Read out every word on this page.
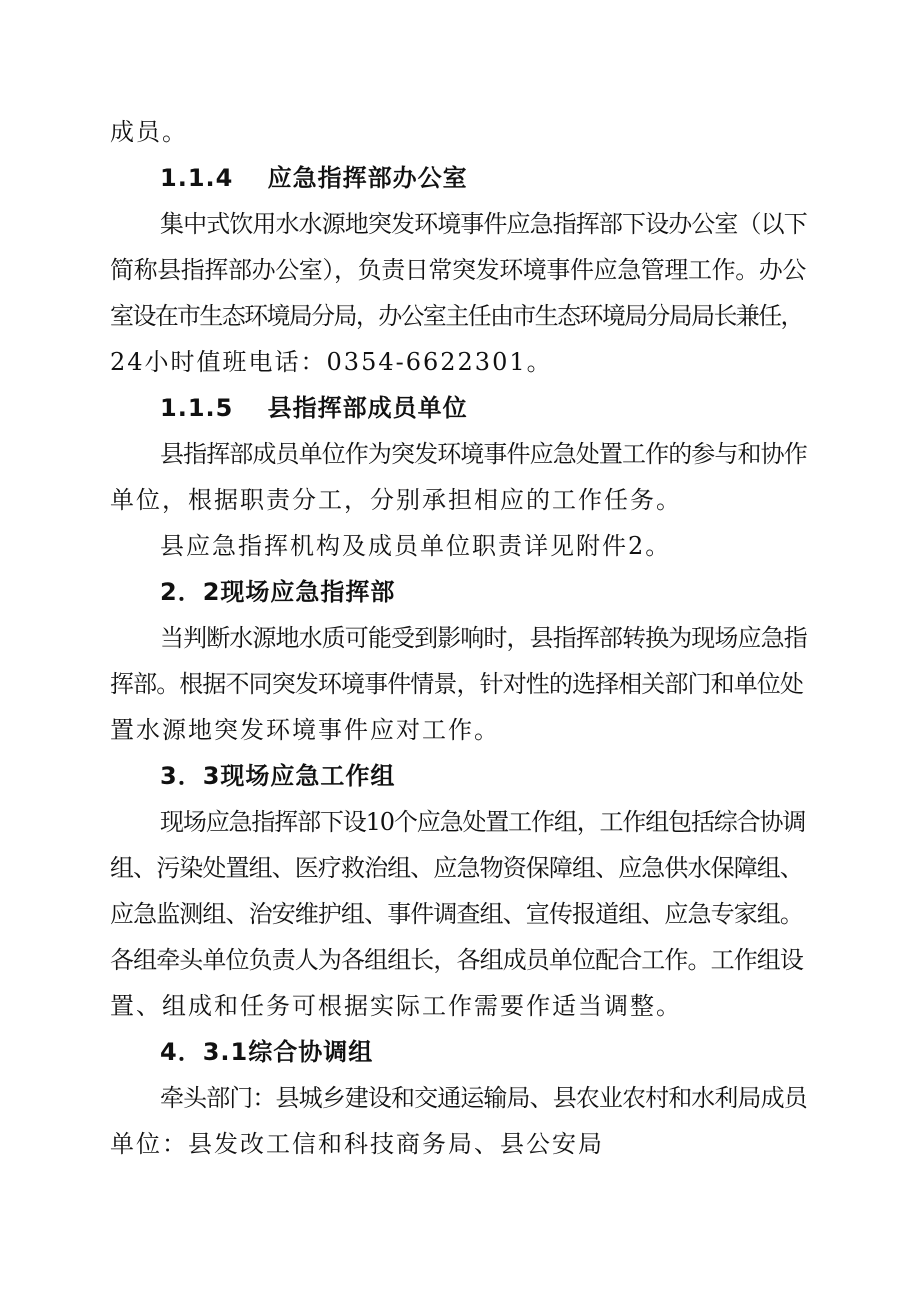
成员。
1.1.4　 应急指挥部办公室
集中式饮用水水源地突发环境事件应急指挥部下设办公室（以下
简称县指挥部办公室），负责日常突发环境事件应急管理工作。办公
室设在市生态环境局分局，办公室主任由市生态环境局分局局长兼任，
24小时值班电话：0354-6622301。
1.1.5　 县指挥部成员单位
县指挥部成员单位作为突发环境事件应急处置工作的参与和协作
单位，根据职责分工，分别承担相应的工作任务。
县应急指挥机构及成员单位职责详见附件2。
2．2现场应急指挥部
当判断水源地水质可能受到影响时，县指挥部转换为现场应急指
挥部。根据不同突发环境事件情景，针对性的选择相关部门和单位处
置水源地突发环境事件应对工作。
3．3现场应急工作组
现场应急指挥部下设10个应急处置工作组，工作组包括综合协调
组、污染处置组、医疗救治组、应急物资保障组、应急供水保障组、
应急监测组、治安维护组、事件调查组、宣传报道组、应急专家组。
各组牵头单位负责人为各组组长，各组成员单位配合工作。工作组设
置、组成和任务可根据实际工作需要作适当调整。
4．3.1综合协调组
牵头部门：县城乡建设和交通运输局、县农业农村和水利局成员
单位：县发改工信和科技商务局、县公安局
